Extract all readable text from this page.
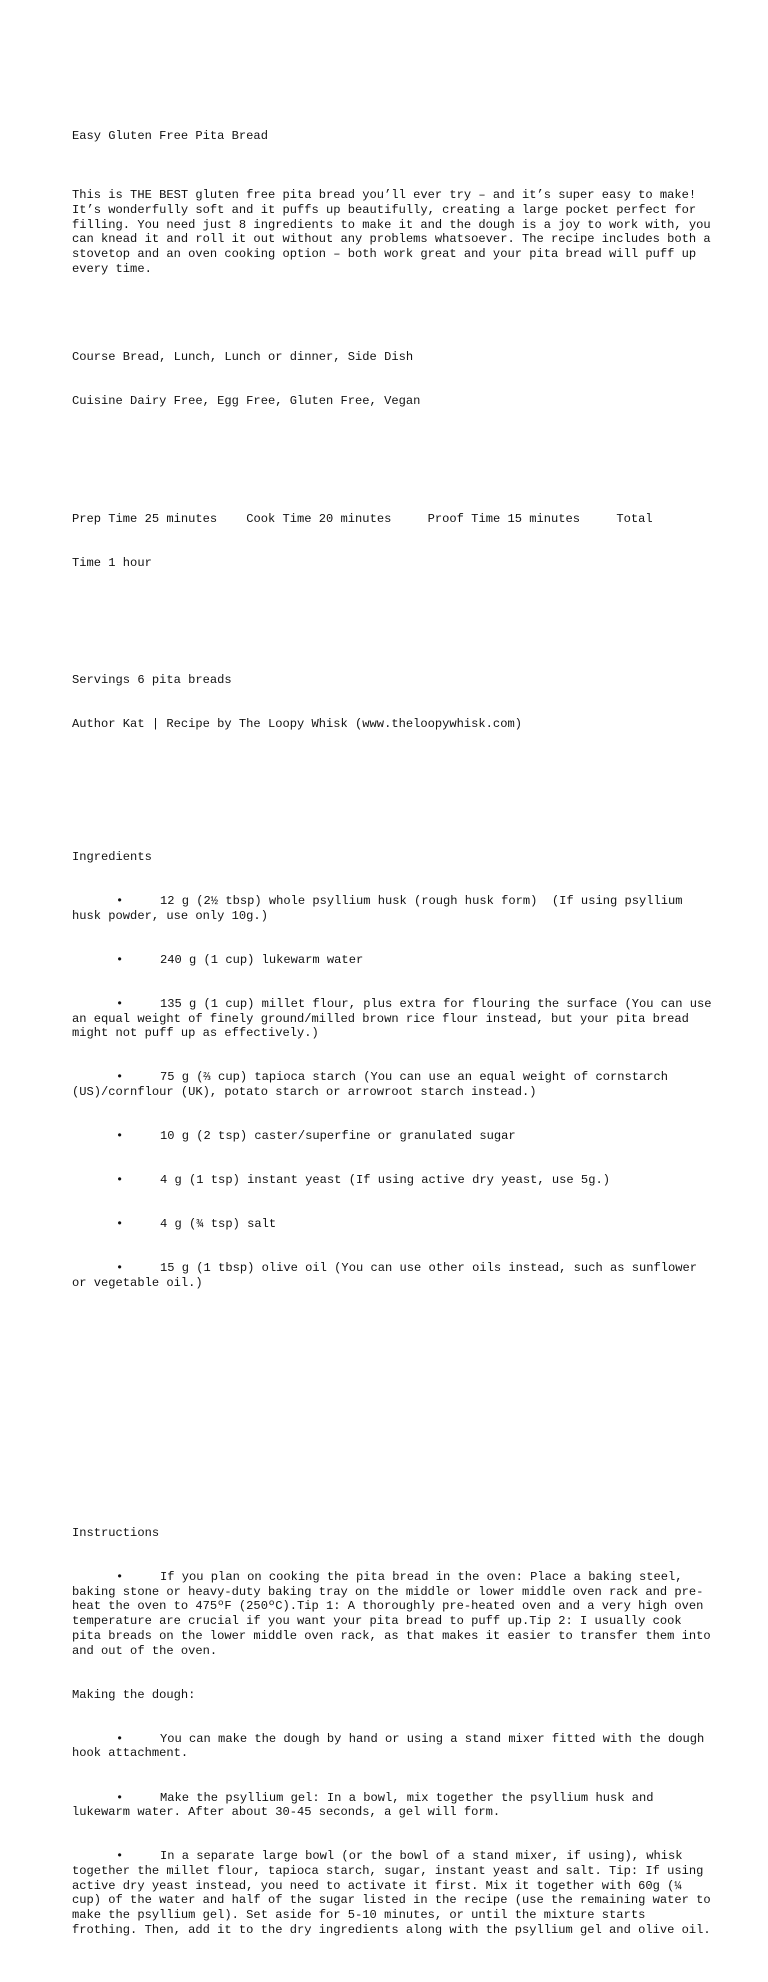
Easy Gluten Free Pita Bread

This is THE BEST gluten free pita bread you’ll ever try – and it’s super easy to make! It’s wonderfully soft and it puffs up beautifully, creating a large pocket perfect for filling. You need just 8 ingredients to make it and the dough is a joy to work with, you can knead it and roll it out without any problems whatsoever. The recipe includes both a stovetop and an oven cooking option – both work great and your pita bread will puff up every time.

Course Bread, Lunch, Lunch or dinner, Side Dish

Cuisine Dairy Free, Egg Free, Gluten Free, Vegan

Prep Time 25 minutes Cook Time 20 minutes	Proof Time 15 minutes	Total

Time 1 hour

Servings 6 pita breads

Author Kat | Recipe by The Loopy Whisk (www.theloopywhisk.com)

Ingredients

•	12 g (2½ tbsp) whole psyllium husk (rough husk form)  (If using psyllium husk powder, use only 10g.)

•	240 g (1 cup) lukewarm water

•	135 g (1 cup) millet flour, plus extra for flouring the surface (You can use an equal weight of finely ground/milled brown rice flour instead, but your pita bread might not puff up as effectively.)

•	75 g (⅔ cup) tapioca starch (You can use an equal weight of cornstarch (US)/cornflour (UK), potato starch or arrowroot starch instead.)

•	10 g (2 tsp) caster/superfine or granulated sugar

•	4 g (1 tsp) instant yeast (If using active dry yeast, use 5g.)

•	4 g (¾ tsp) salt

•	15 g (1 tbsp) olive oil (You can use other oils instead, such as sunflower or vegetable oil.)

Instructions

•	If you plan on cooking the pita bread in the oven: Place a baking steel, baking stone or heavy-duty baking tray on the middle or lower middle oven rack and pre-heat the oven to 475ºF (250ºC).Tip 1: A thoroughly pre-heated oven and a very high oven temperature are crucial if you want your pita bread to puff up.Tip 2: I usually cook pita breads on the lower middle oven rack, as that makes it easier to transfer them into and out of the oven.

Making the dough:

•	You can make the dough by hand or using a stand mixer fitted with the dough hook attachment.

•	Make the psyllium gel: In a bowl, mix together the psyllium husk and lukewarm water. After about 30-45 seconds, a gel will form.

•	In a separate large bowl (or the bowl of a stand mixer, if using), whisk together the millet flour, tapioca starch, sugar, instant yeast and salt. Tip: If using active dry yeast instead, you need to activate it first. Mix it together with 60g (¼ cup) of the water and half of the sugar listed in the recipe (use the remaining water to make the psyllium gel). Set aside for 5-10 minutes, or until the mixture starts frothing. Then, add it to the dry ingredients along with the psyllium gel and olive oil.
